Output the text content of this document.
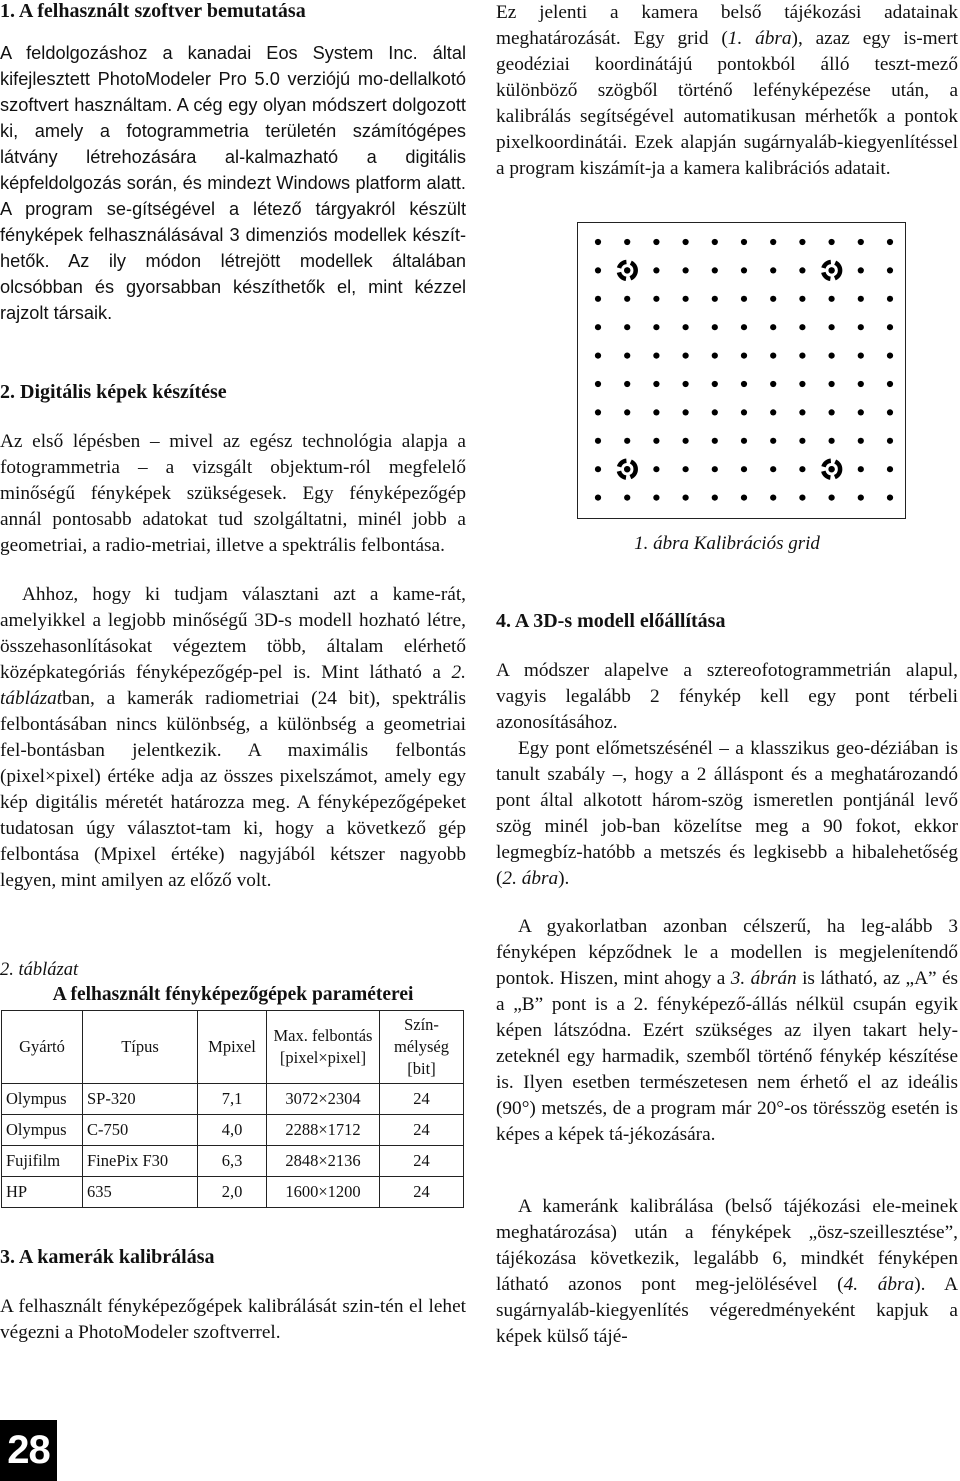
1. A felhasznált szoftver bemutatása

A feldolgozáshoz a kanadai Eos System Inc. által kifejlesztett PhotoModeler Pro 5.0 verziójú mo-dellalkotó szoftvert használtam. A cég egy olyan módszert dolgozott ki, amely a fotogrammetria területén számítógépes látvány létrehozására al-kalmazható a digitális képfeldolgozás során, és mindezt Windows platform alatt. A program se-gítségével a létező tárgyakról készült fényképek felhasználásával 3 dimenziós modellek készít-hetők. Az ily módon létrejött modellek általában olcsóbban és gyorsabban készíthetők el, mint kézzel rajzolt társaik.

2. Digitális képek készítése

Az első lépésben – mivel az egész technológia alapja a fotogrammetria – a vizsgált objektum-ról megfelelő minőségű fényképek szükségesek. Egy fényképezőgép annál pontosabb adatokat tud szolgáltatni, minél jobb a geometriai, a radio-metriai, illetve a spektrális felbontása.

Ahhoz, hogy ki tudjam választani azt a kame-rát, amelyikkel a legjobb minőségű 3D-s modell hozható létre, összehasonlításokat végeztem több, általam elérhető középkategóriás fényképezőgép-pel is. Mint látható a 2. táblázatban, a kamerák radiometriai (24 bit), spektrális felbontásában nincs különbség, a különbség a geometriai fel-bontásban jelentkezik. A maximális felbontás (pixel×pixel) értéke adja az összes pixelszámot, amely egy kép digitális méretét határozza meg. A fényképezőgépeket tudatosan úgy választot-tam ki, hogy a következő gép felbontása (Mpixel értéke) nagyjából kétszer nagyobb legyen, mint amilyen az előző volt.

2. táblázat
A felhasznált fényképezőgépek paraméterei
Gyártó	Típus	Mpixel	Max. felbontás [pixel×pixel]	Szín-mélység [bit]
Olympus	SP-320	7,1	3072×2304	24
Olympus	C-750	4,0	2288×1712	24
Fujifilm	FinePix F30	6,3	2848×2136	24
HP	635	2,0	1600×1200	24
3. A kamerák kalibrálása

A felhasznált fényképezőgépek kalibrálását szin-tén el lehet végezni a PhotoModeler szoftverrel.

Ez jelenti a kamera belső tájékozási adatainak meghatározását. Egy grid (1. ábra), azaz egy is-mert geodéziai koordinátájú pontokból álló teszt-mező különböző szögből történő lefényképezése után, a kalibrálás segítségével automatikusan mérhetők a pontok pixelkoordinátái. Ezek alapján sugárnyaláb-kiegyenlítéssel a program kiszámít-ja a kamera kalibrációs adatait.

1. ábra Kalibrációs grid
4. A 3D-s modell előállítása

A módszer alapelve a sztereofotogrammetrián alapul, vagyis legalább 2 fénykép kell egy pont térbeli azonosításához.

Egy pont előmetszésénél – a klasszikus geo-déziában is tanult szabály –, hogy a 2 álláspont és a meghatározandó pont által alkotott három-szög ismeretlen pontjánál levő szög minél job-ban közelítse meg a 90 fokot, ekkor legmegbíz-hatóbb a metszés és legkisebb a hibalehetőség (2. ábra).

A gyakorlatban azonban célszerű, ha leg-alább 3 fényképen képződnek le a modellen is megjelenítendő pontok. Hiszen, mint ahogy a 3. ábrán is látható, az „A” és a „B” pont is a 2. fényképező-állás nélkül csupán egyik képen látszódna. Ezért szükséges az ilyen takart hely-zeteknél egy harmadik, szemből történő fénykép készítése is. Ilyen esetben természetesen nem érhető el az ideális (90°) metszés, de a program már 20°-os törésszög esetén is képes a képek tá-jékozására.

A kameránk kalibrálása (belső tájékozási ele-meinek meghatározása) után a fényképek „ösz-szeillesztése”, tájékozása következik, legalább 6, mindkét fényképen látható azonos pont meg-jelölésével (4. ábra). A sugárnyaláb-kiegyenlítés végeredményeként kapjuk a képek külső tájé-

28
